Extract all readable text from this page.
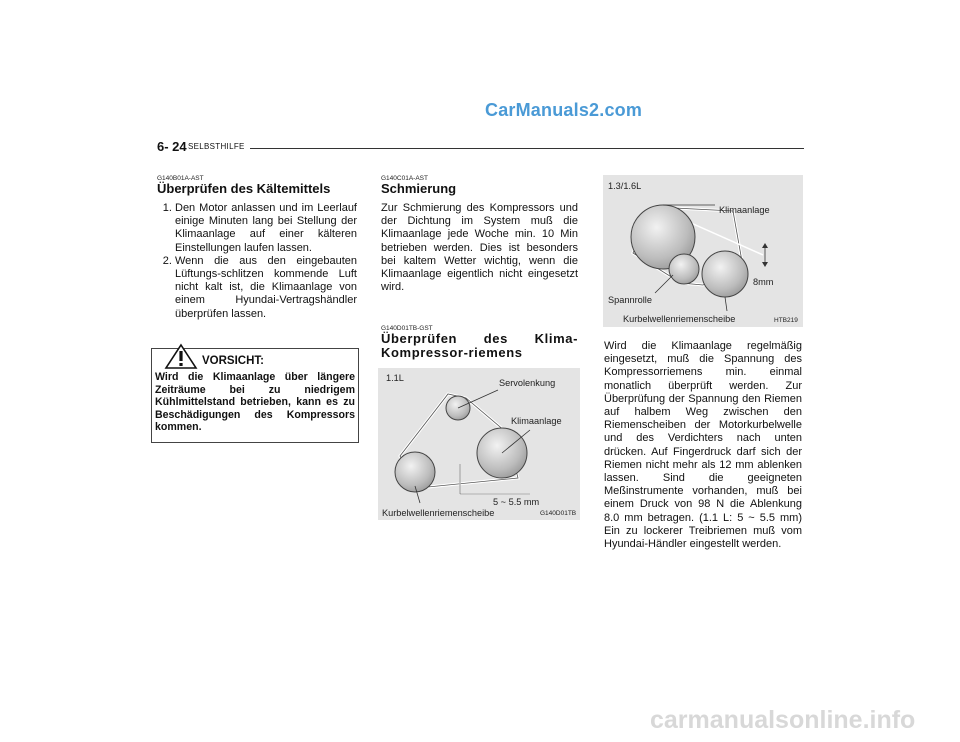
CarManuals2.com
carmanualsonline.info
6- 24 SELBSTHILFE
G140B01A-AST
Überprüfen des Kältemittels
1. Den Motor anlassen und im Leerlauf einige Minuten lang bei Stellung der Klimaanlage auf einer kälteren Einstellungen laufen lassen.
2. Wenn die aus den eingebauten Lüftungs-schlitzen kommende Luft nicht kalt ist, die Klimaanlage von einem Hyundai-Vertragshändler überprüfen lassen.
VORSICHT:
Wird die Klimaanlage über längere Zeiträume bei zu niedrigem Kühlmittelstand betrieben, kann es zu Beschädigungen des Kompressors kommen.
G140C01A-AST
Schmierung
Zur Schmierung des Kompressors und der Dichtung im System muß die Klimaanlage jede Woche min. 10 Min betrieben werden. Dies ist besonders bei kaltem Wetter wichtig, wenn die Klimaanlage eigentlich nicht eingesetzt wird.
G140D01TB-GST
Überprüfen des Klima-Kompressor-riemens
1.1L	Servolenkung
Klimaanlage
5 ~ 5.5 mm
Kurbelwellenriemenscheibe	G140D01TB
1.3/1.6L
Klimaanlage
8mm
Spannrolle
Kurbelwellenriemenscheibe	HTB219
Wird die Klimaanlage regelmäßig eingesetzt, muß die Spannung des Kompressorriemens min. einmal monatlich überprüft werden. Zur Überprüfung der Spannung den Riemen auf halbem Weg zwischen den Riemenscheiben der Motorkurbelwelle und des Verdichters nach unten drücken. Auf Fingerdruck darf sich der Riemen nicht mehr als 12 mm ablenken lassen. Sind die geeigneten Meßinstrumente vorhanden, muß bei einem Druck von 98 N die Ablenkung 8.0 mm betragen. (1.1 L: 5 ~ 5.5 mm) Ein zu lockerer Treibriemen muß vom Hyundai-Händler eingestellt werden.
